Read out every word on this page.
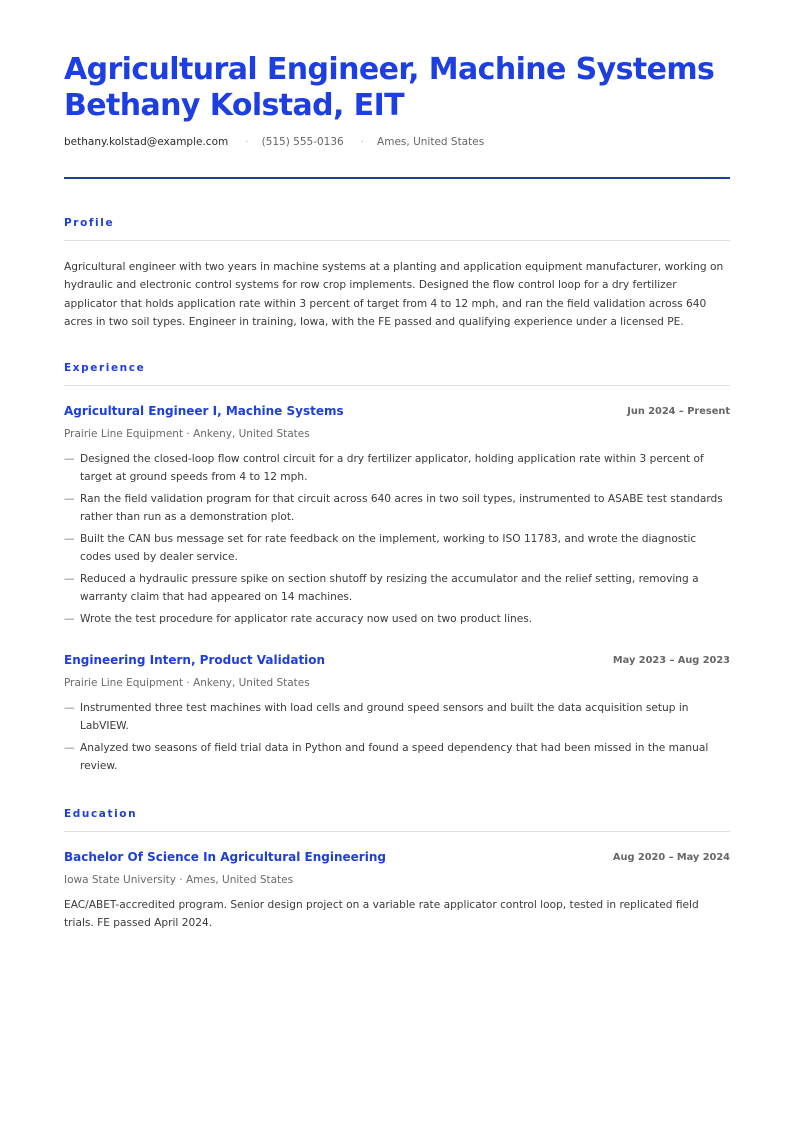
Agricultural Engineer, Machine Systems
Bethany Kolstad, EIT
bethany.kolstad@example.com · (515) 555-0136 · Ames, United States
Profile

Agricultural engineer with two years in machine systems at a planting and application equipment manufacturer, working on hydraulic and electronic control systems for row crop implements. Designed the flow control loop for a dry fertilizer applicator that holds application rate within 3 percent of target from 4 to 12 mph, and ran the field validation across 640 acres in two soil types. Engineer in training, Iowa, with the FE passed and qualifying experience under a licensed PE.

Experience
Agricultural Engineer I, Machine Systems	Jun 2024 – Present
Prairie Line Equipment · Ankeny, United States
— Designed the closed-loop flow control circuit for a dry fertilizer applicator, holding application rate within 3 percent of target at ground speeds from 4 to 12 mph.
— Ran the field validation program for that circuit across 640 acres in two soil types, instrumented to ASABE test standards rather than run as a demonstration plot.
— Built the CAN bus message set for rate feedback on the implement, working to ISO 11783, and wrote the diagnostic codes used by dealer service.
— Reduced a hydraulic pressure spike on section shutoff by resizing the accumulator and the relief setting, removing a warranty claim that had appeared on 14 machines.
— Wrote the test procedure for applicator rate accuracy now used on two product lines.
Engineering Intern, Product Validation	May 2023 – Aug 2023
Prairie Line Equipment · Ankeny, United States
— Instrumented three test machines with load cells and ground speed sensors and built the data acquisition setup in LabVIEW.
— Analyzed two seasons of field trial data in Python and found a speed dependency that had been missed in the manual review.
Education
Bachelor Of Science In Agricultural Engineering	Aug 2020 – May 2024
Iowa State University · Ames, United States

EAC/ABET-accredited program. Senior design project on a variable rate applicator control loop, tested in replicated field trials. FE passed April 2024.
